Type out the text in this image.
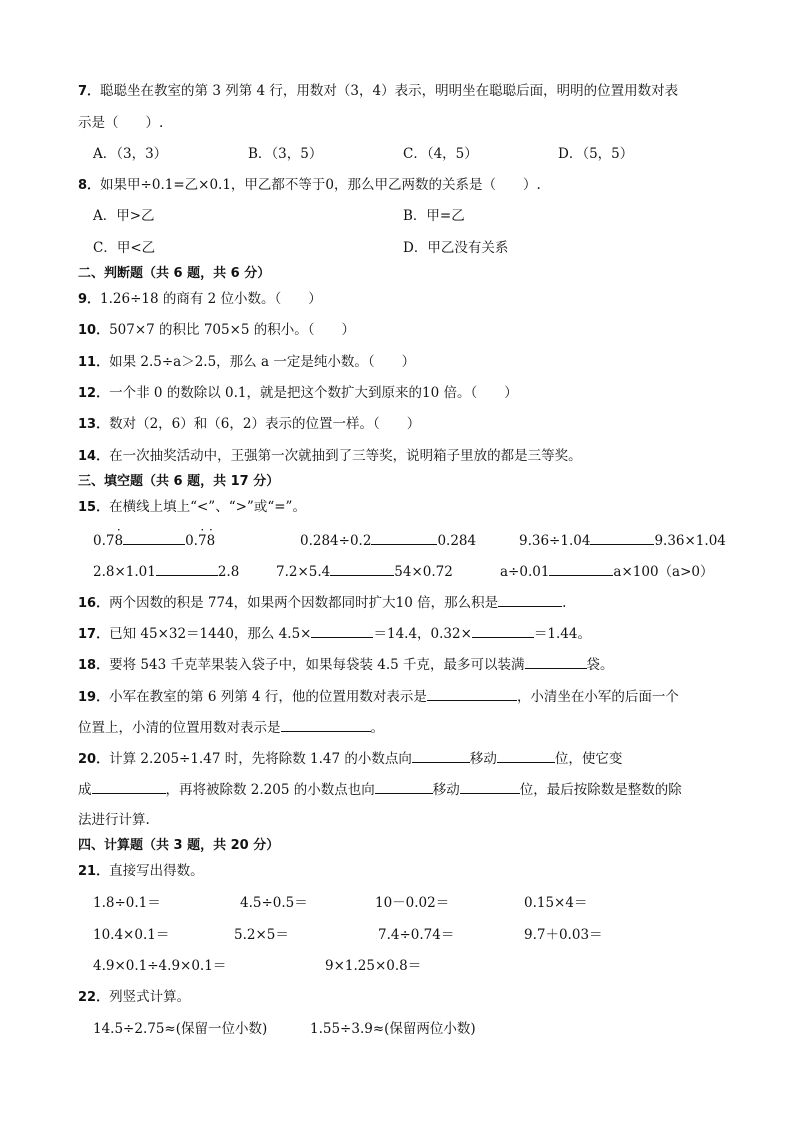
7．聪聪坐在教室的第 3 列第 4 行，用数对（3，4）表示，明明坐在聪聪后面，明明的位置用数对表
示是（　　）.
A．（3，3）	B．（3，5）	C．（4，5）	D．（5，5）
8．如果甲÷0.1=乙×0.1，甲乙都不等于0，那么甲乙两数的关系是（　　）.
A．甲>乙	B．甲=乙
C．甲<乙	D．甲乙没有关系
二、判断题（共 6 题，共 6 分）
9．1.26÷18 的商有 2 位小数。（　　）
10．507×7 的积比 705×5 的积小。（　　）
11．如果 2.5÷a＞2.5，那么 a 一定是纯小数。（　　）
12．一个非 0 的数除以 0.1，就是把这个数扩大到原来的10 倍。（　　）
13．数对（2，6）和（6，2）表示的位置一样。（　　）
14．在一次抽奖活动中，王强第一次就抽到了三等奖，说明箱子里放的都是三等奖。
三、填空题（共 6 题，共 17 分）
15．在横线上填上“<”、“>”或“=”。
0.78 ·	0.7 ·8 ·	0.284÷0.2	0.284	9.36÷1.04	9.36×1.04
2.8×1.01	2.8	7.2×5.4	54×0.72	a÷0.01	a×100（a>0）
16．两个因数的积是 774，如果两个因数都同时扩大10 倍，那么积是	.
17．已知 45×32＝1440，那么 4.5×	＝14.4，0.32×	＝1.44。
18．要将 543 千克苹果装入袋子中，如果每袋装 4.5 千克，最多可以装满	袋。
19．小军在教室的第 6 列第 4 行，他的位置用数对表示是	，小清坐在小军的后面一个
位置上，小清的位置用数对表示是	。
20．计算 2.205÷1.47 时，先将除数 1.47 的小数点向	移动	位，使它变
成	，再将被除数 2.205 的小数点也向	移动	位，最后按除数是整数的除
法进行计算.
四、计算题（共 3 题，共 20 分）
21．直接写出得数。
1.8÷0.1＝	4.5÷0.5＝	10－0.02＝	0.15×4＝
10.4×0.1＝	5.2×5＝	7.4÷0.74＝	9.7＋0.03＝
4.9×0.1÷4.9×0.1＝	9×1.25×0.8＝
22．列竖式计算。
14.5÷2.75≈(保留一位小数)	1.55÷3.9≈(保留两位小数)
